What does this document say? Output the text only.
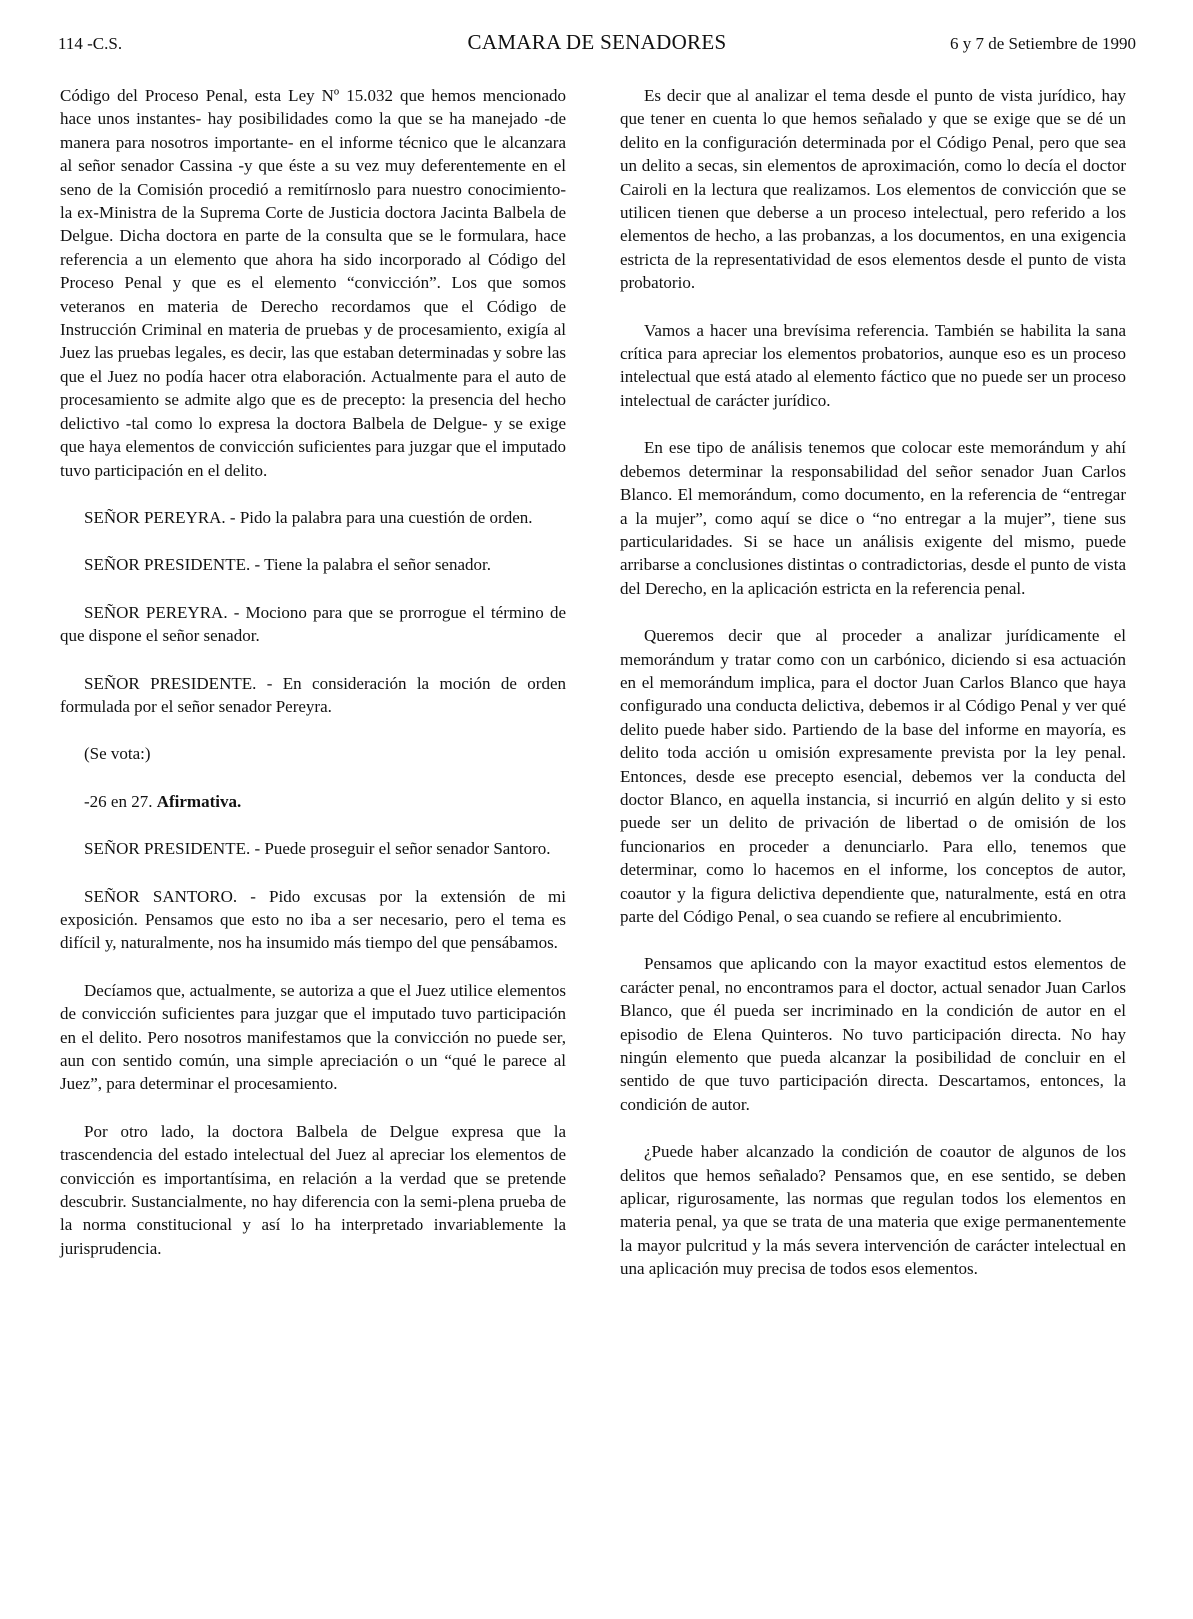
114 -C.S.	CAMARA DE SENADORES	6 y 7 de Setiembre de 1990

Código del Proceso Penal, esta Ley Nº 15.032 que hemos mencionado hace unos instantes- hay posibilidades como la que se ha manejado -de manera para nosotros importante- en el informe técnico que le alcanzara al señor senador Cassina -y que éste a su vez muy deferentemente en el seno de la Comisión procedió a remitírnoslo para nuestro conocimiento- la ex-Ministra de la Suprema Corte de Justicia doctora Jacinta Balbela de Delgue. Dicha doctora en parte de la consulta que se le formulara, hace referencia a un elemento que ahora ha sido incorporado al Código del Proceso Penal y que es el elemento “convicción”. Los que somos veteranos en materia de Derecho recordamos que el Código de Instrucción Criminal en materia de pruebas y de procesamiento, exigía al Juez las pruebas legales, es decir, las que estaban determinadas y sobre las que el Juez no podía hacer otra elaboración. Actualmente para el auto de procesamiento se admite algo que es de precepto: la presencia del hecho delictivo -tal como lo expresa la doctora Balbela de Delgue- y se exige que haya elementos de convicción suficientes para juzgar que el imputado tuvo participación en el delito.

SEÑOR PEREYRA. - Pido la palabra para una cuestión de orden.

SEÑOR PRESIDENTE. - Tiene la palabra el señor senador.

SEÑOR PEREYRA. - Mociono para que se prorrogue el término de que dispone el señor senador.

SEÑOR PRESIDENTE. - En consideración la moción de orden formulada por el señor senador Pereyra.

(Se vota:)

-26 en 27. Afirmativa.

SEÑOR PRESIDENTE. - Puede proseguir el señor senador Santoro.

SEÑOR SANTORO. - Pido excusas por la extensión de mi exposición. Pensamos que esto no iba a ser necesario, pero el tema es difícil y, naturalmente, nos ha insumido más tiempo del que pensábamos.

Decíamos que, actualmente, se autoriza a que el Juez utilice elementos de convicción suficientes para juzgar que el imputado tuvo participación en el delito. Pero nosotros manifestamos que la convicción no puede ser, aun con sentido común, una simple apreciación o un “qué le parece al Juez”, para determinar el procesamiento.

Por otro lado, la doctora Balbela de Delgue expresa que la trascendencia del estado intelectual del Juez al apreciar los elementos de convicción es importantísima, en relación a la verdad que se pretende descubrir. Sustancialmente, no hay diferencia con la semi-plena prueba de la norma constitucional y así lo ha interpretado invariablemente la jurisprudencia.

Es decir que al analizar el tema desde el punto de vista jurídico, hay que tener en cuenta lo que hemos señalado y que se exige que se dé un delito en la configuración determinada por el Código Penal, pero que sea un delito a secas, sin elementos de aproximación, como lo decía el doctor Cairoli en la lectura que realizamos. Los elementos de convicción que se utilicen tienen que deberse a un proceso intelectual, pero referido a los elementos de hecho, a las probanzas, a los documentos, en una exigencia estricta de la representatividad de esos elementos desde el punto de vista probatorio.

Vamos a hacer una brevísima referencia. También se habilita la sana crítica para apreciar los elementos probatorios, aunque eso es un proceso intelectual que está atado al elemento fáctico que no puede ser un proceso intelectual de carácter jurídico.

En ese tipo de análisis tenemos que colocar este memorándum y ahí debemos determinar la responsabilidad del señor senador Juan Carlos Blanco. El memorándum, como documento, en la referencia de “entregar a la mujer”, como aquí se dice o “no entregar a la mujer”, tiene sus particularidades. Si se hace un análisis exigente del mismo, puede arribarse a conclusiones distintas o contradictorias, desde el punto de vista del Derecho, en la aplicación estricta en la referencia penal.

Queremos decir que al proceder a analizar jurídicamente el memorándum y tratar como con un carbónico, diciendo si esa actuación en el memorándum implica, para el doctor Juan Carlos Blanco que haya configurado una conducta delictiva, debemos ir al Código Penal y ver qué delito puede haber sido. Partiendo de la base del informe en mayoría, es delito toda acción u omisión expresamente prevista por la ley penal. Entonces, desde ese precepto esencial, debemos ver la conducta del doctor Blanco, en aquella instancia, si incurrió en algún delito y si esto puede ser un delito de privación de libertad o de omisión de los funcionarios en proceder a denunciarlo. Para ello, tenemos que determinar, como lo hacemos en el informe, los conceptos de autor, coautor y la figura delictiva dependiente que, naturalmente, está en otra parte del Código Penal, o sea cuando se refiere al encubrimiento.

Pensamos que aplicando con la mayor exactitud estos elementos de carácter penal, no encontramos para el doctor, actual senador Juan Carlos Blanco, que él pueda ser incriminado en la condición de autor en el episodio de Elena Quinteros. No tuvo participación directa. No hay ningún elemento que pueda alcanzar la posibilidad de concluir en el sentido de que tuvo participación directa. Descartamos, entonces, la condición de autor.

¿Puede haber alcanzado la condición de coautor de algunos de los delitos que hemos señalado? Pensamos que, en ese sentido, se deben aplicar, rigurosamente, las normas que regulan todos los elementos en materia penal, ya que se trata de una materia que exige permanentemente la mayor pulcritud y la más severa intervención de carácter intelectual en una aplicación muy precisa de todos esos elementos.
